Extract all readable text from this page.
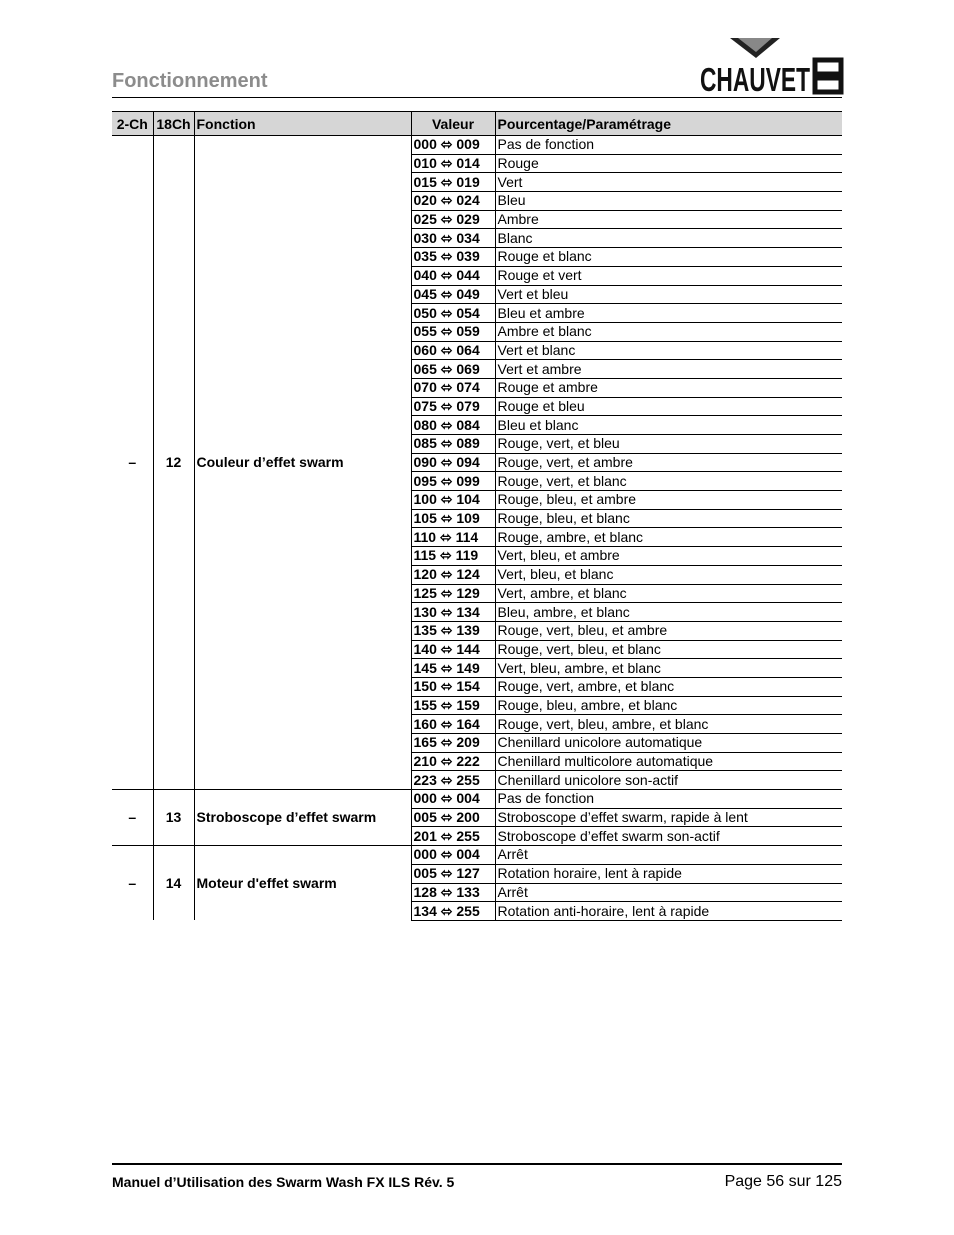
Fonctionnement	CHAUVET
2-Ch	18Ch	Fonction	Valeur	Pourcentage/Paramétrage
–	12	Couleur d’effet swarm	000 ⬄ 009	Pas de fonction
			010 ⬄ 014	Rouge
			015 ⬄ 019	Vert
			020 ⬄ 024	Bleu
			025 ⬄ 029	Ambre
			030 ⬄ 034	Blanc
			035 ⬄ 039	Rouge et blanc
			040 ⬄ 044	Rouge et vert
			045 ⬄ 049	Vert et bleu
			050 ⬄ 054	Bleu et ambre
			055 ⬄ 059	Ambre et blanc
			060 ⬄ 064	Vert et blanc
			065 ⬄ 069	Vert et ambre
			070 ⬄ 074	Rouge et ambre
			075 ⬄ 079	Rouge et bleu
			080 ⬄ 084	Bleu et blanc
			085 ⬄ 089	Rouge, vert, et bleu
			090 ⬄ 094	Rouge, vert, et ambre
			095 ⬄ 099	Rouge, vert, et blanc
			100 ⬄ 104	Rouge, bleu, et ambre
			105 ⬄ 109	Rouge, bleu, et blanc
			110 ⬄ 114	Rouge, ambre, et blanc
			115 ⬄ 119	Vert, bleu, et ambre
			120 ⬄ 124	Vert, bleu, et blanc
			125 ⬄ 129	Vert, ambre, et blanc
			130 ⬄ 134	Bleu, ambre, et blanc
			135 ⬄ 139	Rouge, vert, bleu, et ambre
			140 ⬄ 144	Rouge, vert, bleu, et blanc
			145 ⬄ 149	Vert, bleu, ambre, et blanc
			150 ⬄ 154	Rouge, vert, ambre, et blanc
			155 ⬄ 159	Rouge, bleu, ambre, et blanc
			160 ⬄ 164	Rouge, vert, bleu, ambre, et blanc
			165 ⬄ 209	Chenillard unicolore automatique
			210 ⬄ 222	Chenillard multicolore automatique
			223 ⬄ 255	Chenillard unicolore son-actif
–	13	Stroboscope d’effet swarm	000 ⬄ 004	Pas de fonction
			005 ⬄ 200	Stroboscope d’effet swarm, rapide à lent
			201 ⬄ 255	Stroboscope d’effet swarm son-actif
–	14	Moteur d'effet swarm	000 ⬄ 004	Arrêt
			005 ⬄ 127	Rotation horaire, lent à rapide
			128 ⬄ 133	Arrêt
			134 ⬄ 255	Rotation anti-horaire, lent à rapide
Manuel d’Utilisation des Swarm Wash FX ILS Rév. 5	Page 56 sur 125
